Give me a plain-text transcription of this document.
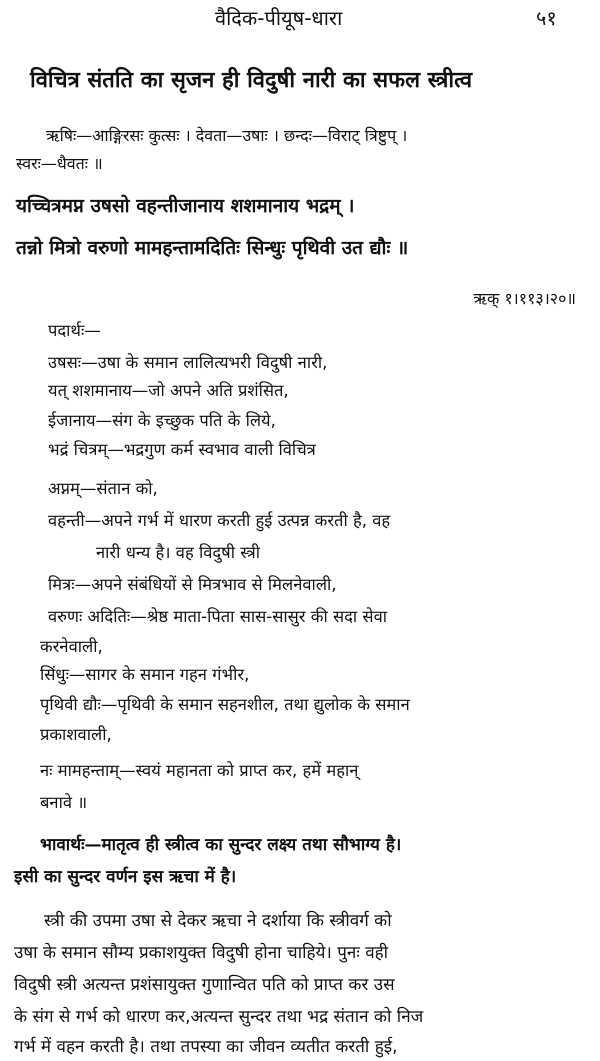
वैदिक-पीयूष-धारा	५१
विचित्र संतति का सृजन ही विदुषी नारी का सफल स्त्रीत्व
ऋषिः—आङ्गिरसः कुत्सः । देवता—उषाः । छन्दः—विराट् त्रिष्टुप् ।
स्वरः—धैवतः ॥
यच्चित्रमप्न उषसो वहन्तीजानाय शशमानाय भद्रम् ।
तन्नो मित्रो वरुणो मामहन्तामदितिः सिन्धुः पृथिवी उत द्यौः ॥
ऋक् १।११३।२०॥
पदार्थः—
उषसः—उषा के समान लालित्यभरी विदुषी नारी,
यत् शशमानाय—जो अपने अति प्रशंसित,
ईजानाय—संग के इच्छुक पति के लिये,
भद्रं चित्रम्—भद्रगुण कर्म स्वभाव वाली विचित्र
अप्नम्—संतान को,
वहन्ती—अपने गर्भ में धारण करती हुई उत्पन्न करती है, वह
नारी धन्य है। वह विदुषी स्त्री
मित्रः—अपने संबंधियों से मित्रभाव से मिलनेवाली,
वरुणः अदितिः—श्रेष्ठ माता-पिता सास-सासुर की सदा सेवा
करनेवाली,
सिंधुः—सागर के समान गहन गंभीर,
पृथिवी द्यौः—पृथिवी के समान सहनशील, तथा द्युलोक के समान
प्रकाशवाली,
नः मामहन्ताम्—स्वयं महानता को प्राप्त कर, हमें महान्
बनावे ॥
भावार्थः—मातृत्व ही स्त्रीत्व का सुन्दर लक्ष्य तथा सौभाग्य है।
इसी का सुन्दर वर्णन इस ऋचा में है।
स्त्री की उपमा उषा से देकर ऋचा ने दर्शाया कि स्त्रीवर्ग को
उषा के समान सौम्य प्रकाशयुक्त विदुषी होना चाहिये। पुनः वही
विदुषी स्त्री अत्यन्त प्रशंसायुक्त गुणान्वित पति को प्राप्त कर उस
के संग से गर्भ को धारण कर,अत्यन्त सुन्दर तथा भद्र संतान को निज
गर्भ में वहन करती है। तथा तपस्या का जीवन व्यतीत करती हुई,
